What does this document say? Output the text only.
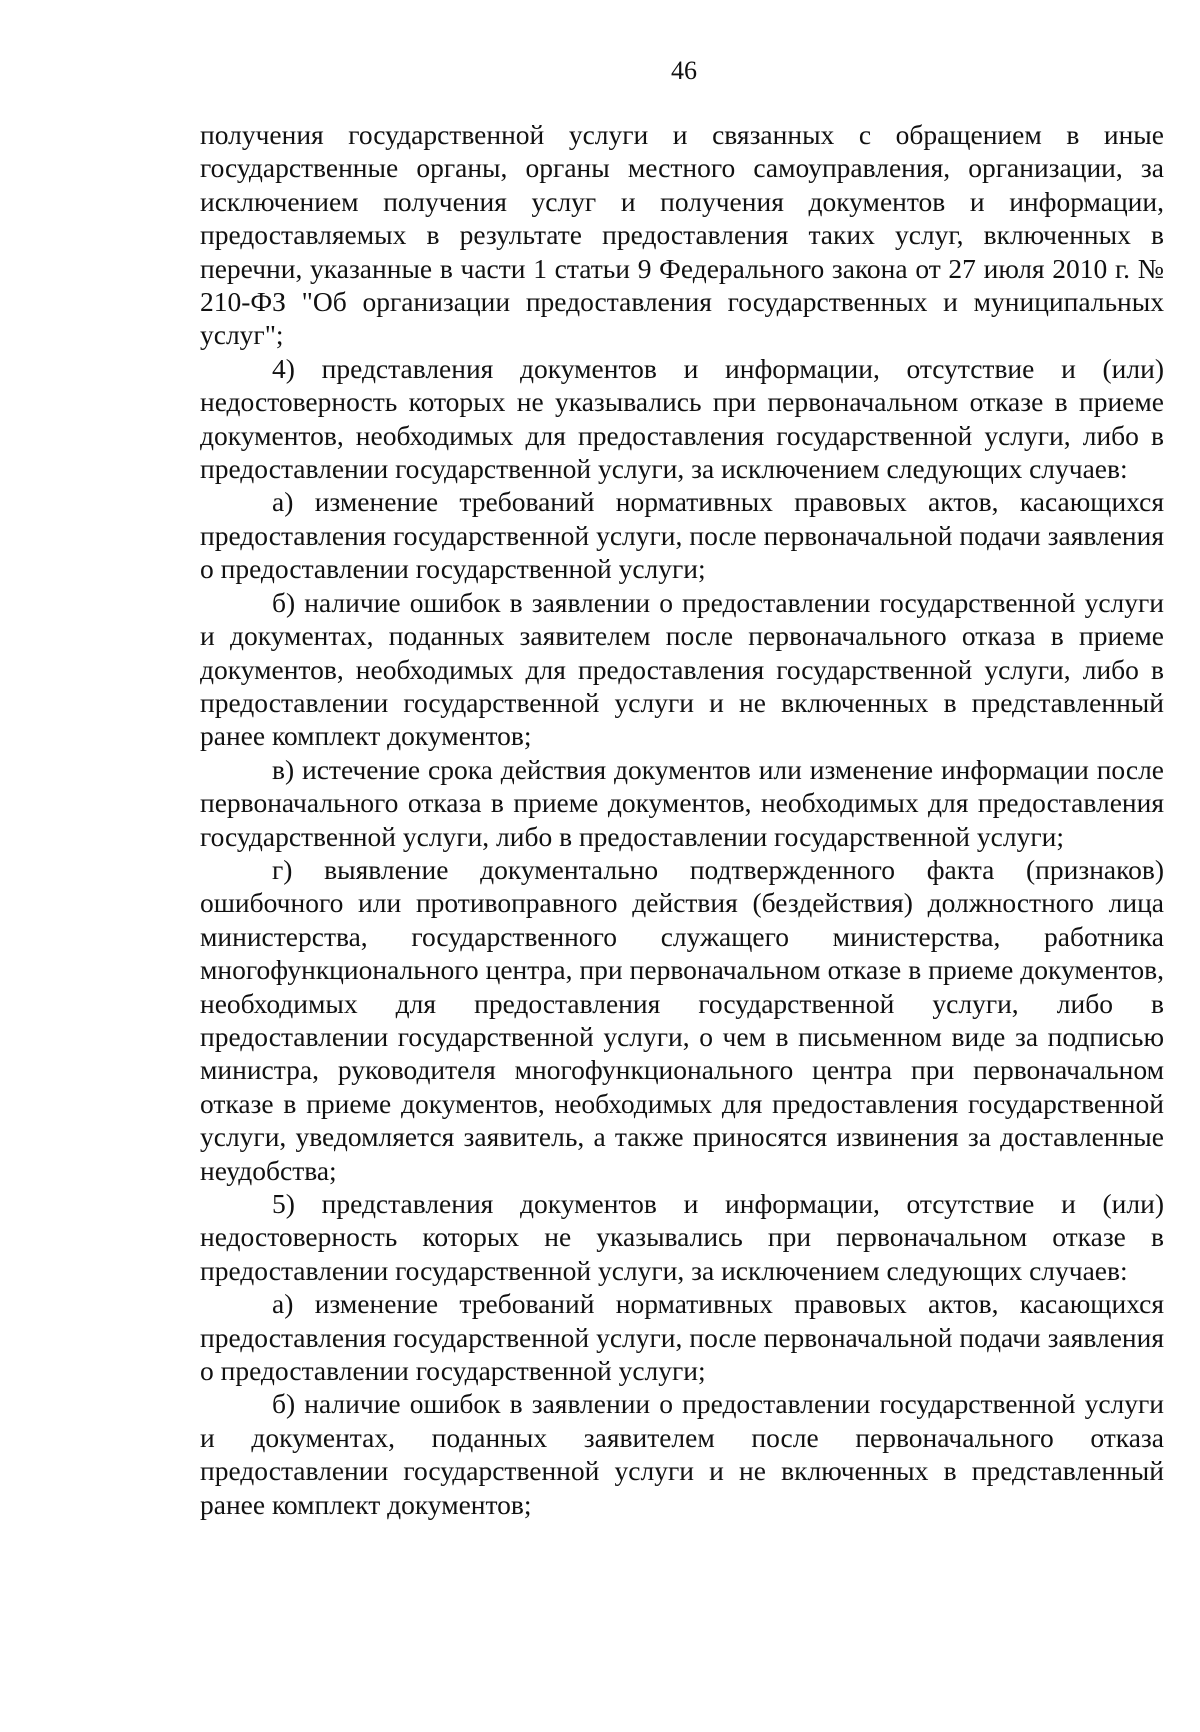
46

получения государственной услуги и связанных с обращением в иные государственные органы, органы местного самоуправления, организации, за исключением получения услуг и получения документов и информации, предоставляемых в результате предоставления таких услуг, включенных в перечни, указанные в части 1 статьи 9 Федерального закона от 27 июля 2010 г. № 210-ФЗ "Об организации предоставления государственных и муниципальных услуг";

4) представления документов и информации, отсутствие и (или) недостоверность которых не указывались при первоначальном отказе в приеме документов, необходимых для предоставления государственной услуги, либо в предоставлении государственной услуги, за исключением следующих случаев:

а) изменение требований нормативных правовых актов, касающихся предоставления государственной услуги, после первоначальной подачи заявления о предоставлении государственной услуги;

б) наличие ошибок в заявлении о предоставлении государственной услуги и документах, поданных заявителем после первоначального отказа в приеме документов, необходимых для предоставления государственной услуги, либо в предоставлении государственной услуги и не включенных в представленный ранее комплект документов;

в) истечение срока действия документов или изменение информации после первоначального отказа в приеме документов, необходимых для предоставления государственной услуги, либо в предоставлении государственной услуги;

г) выявление документально подтвержденного факта (признаков) ошибочного или противоправного действия (бездействия) должностного лица министерства, государственного служащего министерства, работника многофункционального центра, при первоначальном отказе в приеме документов, необходимых для предоставления государственной услуги, либо в предоставлении государственной услуги, о чем в письменном виде за подписью министра, руководителя многофункционального центра при первоначальном отказе в приеме документов, необходимых для предоставления государственной услуги, уведомляется заявитель, а также приносятся извинения за доставленные неудобства;

5) представления документов и информации, отсутствие и (или) недостоверность которых не указывались при первоначальном отказе в предоставлении государственной услуги, за исключением следующих случаев:

а) изменение требований нормативных правовых актов, касающихся предоставления государственной услуги, после первоначальной подачи заявления о предоставлении государственной услуги;

б) наличие ошибок в заявлении о предоставлении государственной услуги и документах, поданных заявителем после первоначального отказа предоставлении государственной услуги и не включенных в представленный ранее комплект документов;
